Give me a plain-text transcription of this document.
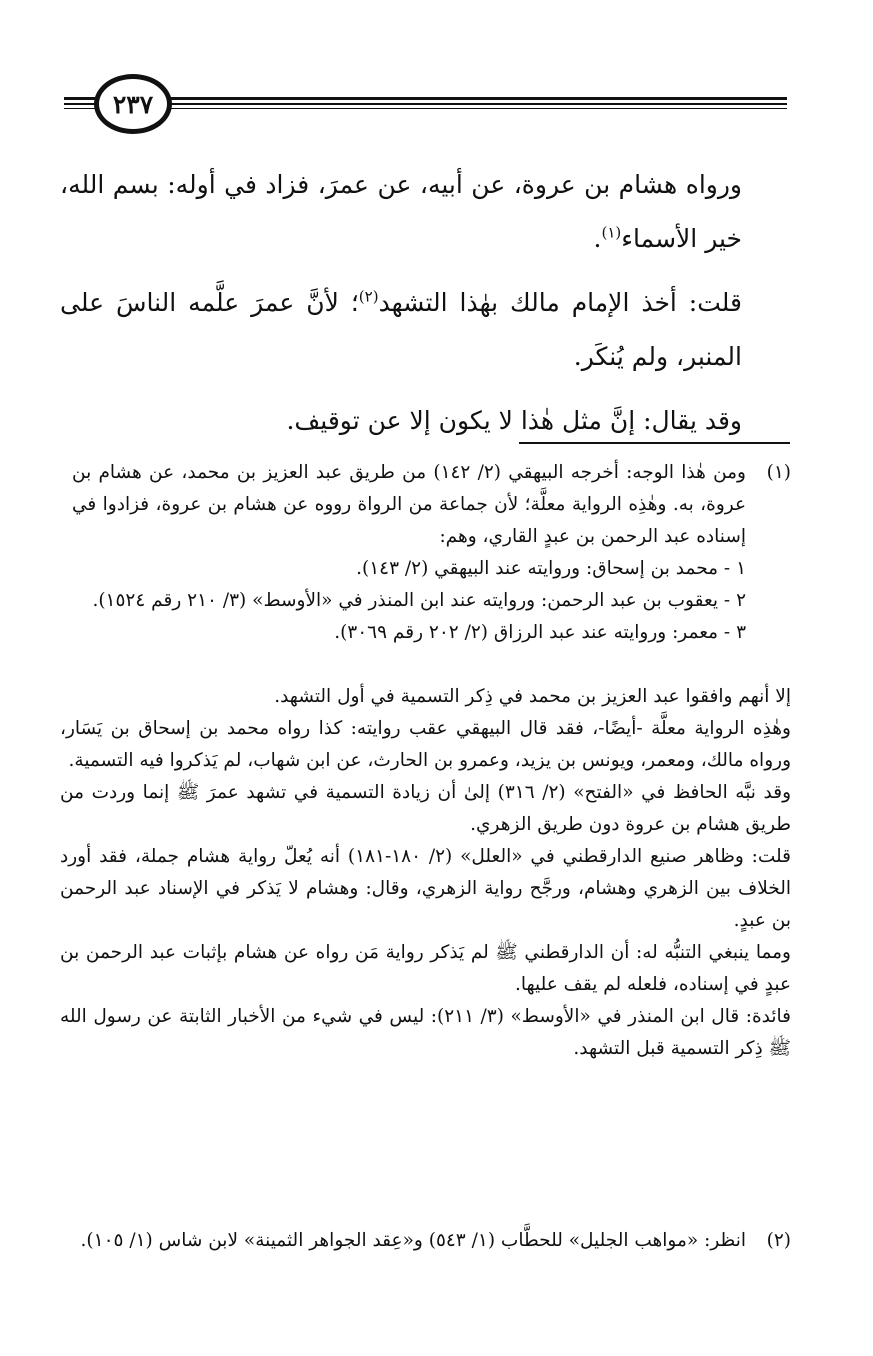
٢٣٧

ورواه هشام بن عروة، عن أبيه، عن عمرَ، فزاد في أوله: بسم الله، خير الأسماء$^{(١)}$.

قلت: أخذ الإمام مالك بهٰذا التشهد$^{(٢)}$؛ لأنَّ عمرَ علَّمه الناسَ على المنبر، ولم يُنكَر.

وقد يقال: إنَّ مثل هٰذا لا يكون إلا عن توقيف.

(١)

ومن هٰذا الوجه: أخرجه البيهقي (٢/ ١٤٢) من طريق عبد العزيز بن محمد، عن هشام بن عروة، به. وهٰذِه الرواية معلَّة؛ لأن جماعة من الرواة رووه عن هشام بن عروة، فزادوا في إسناده عبد الرحمن بن عبدٍ القاري، وهم:

١ - محمد بن إسحاق: وروايته عند البيهقي (٢/ ١٤٣).

٢ - يعقوب بن عبد الرحمن: وروايته عند ابن المنذر في «الأوسط» (٣/ ٢١٠ رقم ١٥٢٤).

٣ - معمر: وروايته عند عبد الرزاق (٢/ ٢٠٢ رقم ٣٠٦٩).

إلا أنهم وافقوا عبد العزيز بن محمد في ذِكر التسمية في أول التشهد.

وهٰذِه الرواية معلَّة -أيضًا-، فقد قال البيهقي عقب روايته: كذا رواه محمد بن إسحاق بن يَسَار، ورواه مالك، ومعمر، ويونس بن يزيد، وعمرو بن الحارث، عن ابن شهاب، لم يَذكروا فيه التسمية.

وقد نبَّه الحافظ في «الفتح» (٢/ ٣١٦) إلىٰ أن زيادة التسمية في تشهد عمرَ ﷺ إنما وردت من طريق هشام بن عروة دون طريق الزهري.

قلت: وظاهر صنيع الدارقطني في «العلل» (٢/ ١٨٠-١٨١) أنه يُعلّ رواية هشام جملة، فقد أورد الخلاف بين الزهري وهشام، ورجَّح رواية الزهري، وقال: وهشام لا يَذكر في الإسناد عبد الرحمن بن عبدٍ.

ومما ينبغي التنبُّه له: أن الدارقطني ﷺ لم يَذكر رواية مَن رواه عن هشام بإثبات عبد الرحمن بن عبدٍ في إسناده، فلعله لم يقف عليها.

فائدة: قال ابن المنذر في «الأوسط» (٣/ ٢١١): ليس في شيء من الأخبار الثابتة عن رسول الله ﷺ ذِكر التسمية قبل التشهد.

(٢)

انظر: «مواهب الجليل» للحطَّاب (١/ ٥٤٣) و«عِقد الجواهر الثمينة» لابن شاس (١/ ١٠٥).
